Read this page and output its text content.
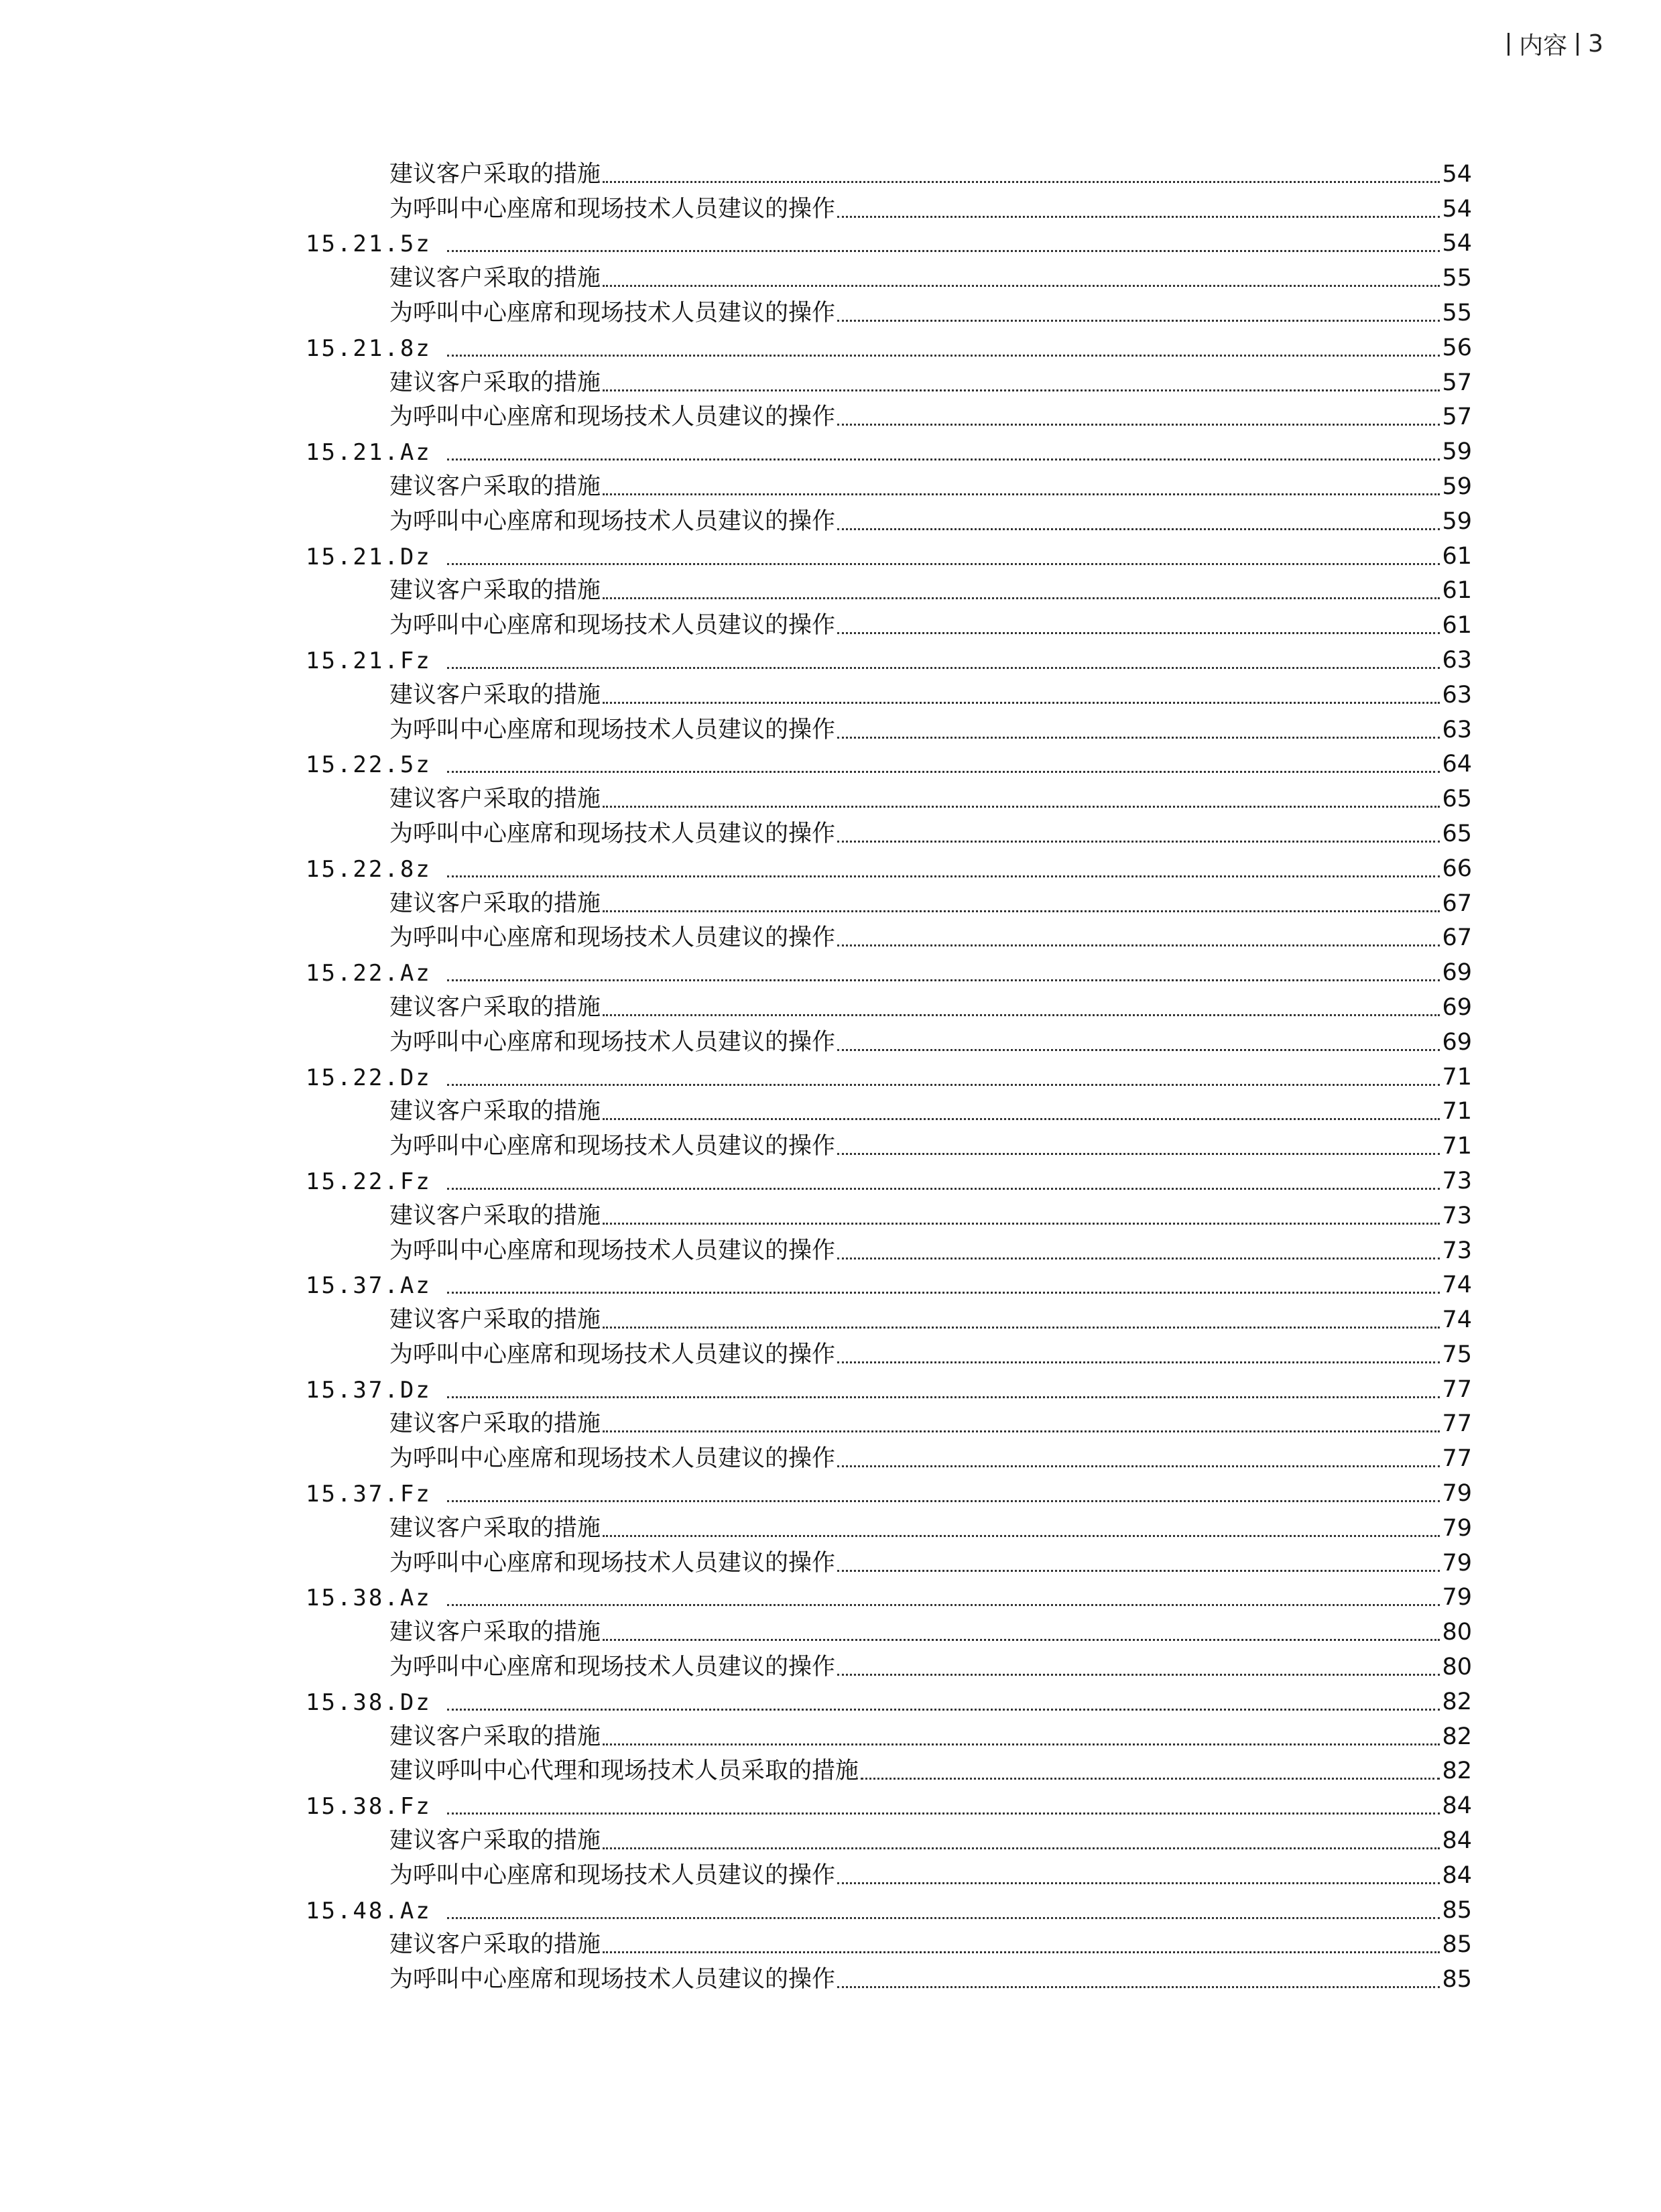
内容 3
建议客户采取的措施	54
为呼叫中心座席和现场技术人员建议的操作	54
15.21.5z	54
建议客户采取的措施	55
为呼叫中心座席和现场技术人员建议的操作	55
15.21.8z	56
建议客户采取的措施	57
为呼叫中心座席和现场技术人员建议的操作	57
15.21.Az	59
建议客户采取的措施	59
为呼叫中心座席和现场技术人员建议的操作	59
15.21.Dz	61
建议客户采取的措施	61
为呼叫中心座席和现场技术人员建议的操作	61
15.21.Fz	63
建议客户采取的措施	63
为呼叫中心座席和现场技术人员建议的操作	63
15.22.5z	64
建议客户采取的措施	65
为呼叫中心座席和现场技术人员建议的操作	65
15.22.8z	66
建议客户采取的措施	67
为呼叫中心座席和现场技术人员建议的操作	67
15.22.Az	69
建议客户采取的措施	69
为呼叫中心座席和现场技术人员建议的操作	69
15.22.Dz	71
建议客户采取的措施	71
为呼叫中心座席和现场技术人员建议的操作	71
15.22.Fz	73
建议客户采取的措施	73
为呼叫中心座席和现场技术人员建议的操作	73
15.37.Az	74
建议客户采取的措施	74
为呼叫中心座席和现场技术人员建议的操作	75
15.37.Dz	77
建议客户采取的措施	77
为呼叫中心座席和现场技术人员建议的操作	77
15.37.Fz	79
建议客户采取的措施	79
为呼叫中心座席和现场技术人员建议的操作	79
15.38.Az	79
建议客户采取的措施	80
为呼叫中心座席和现场技术人员建议的操作	80
15.38.Dz	82
建议客户采取的措施	82
建议呼叫中心代理和现场技术人员采取的措施	82
15.38.Fz	84
建议客户采取的措施	84
为呼叫中心座席和现场技术人员建议的操作	84
15.48.Az	85
建议客户采取的措施	85
为呼叫中心座席和现场技术人员建议的操作	85
